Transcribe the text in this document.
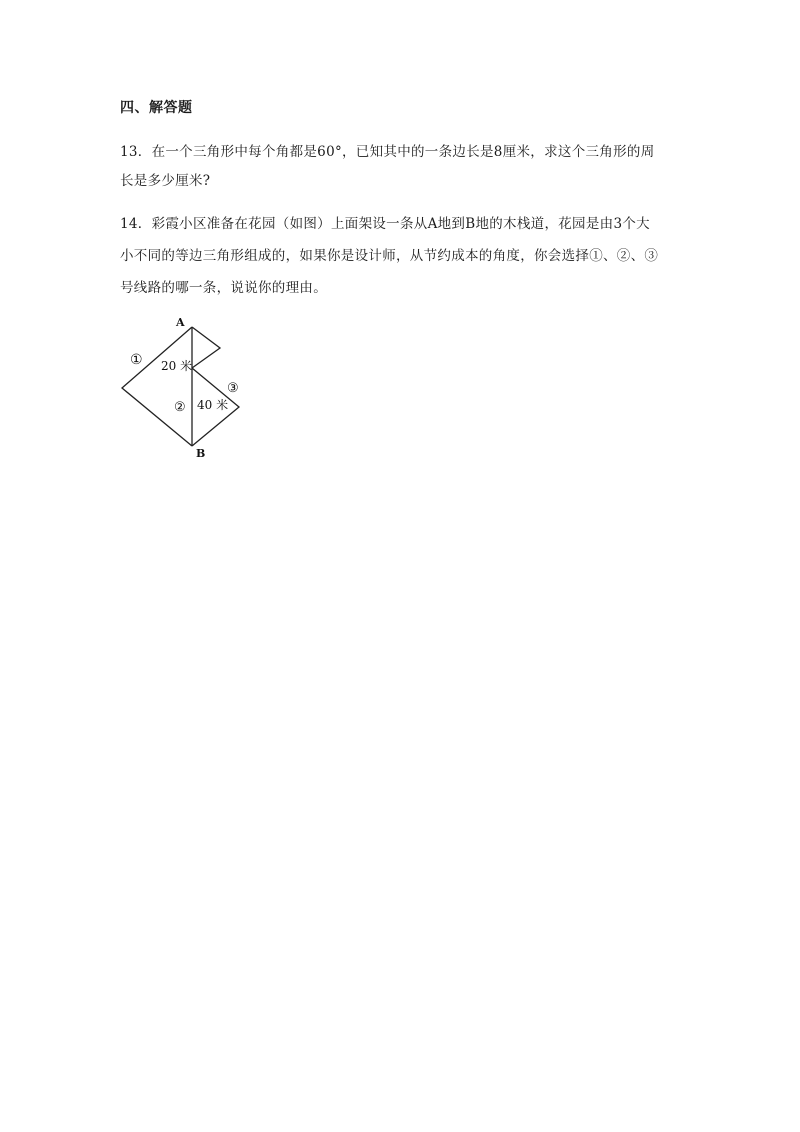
四、解答题
13．在一个三角形中每个角都是60°，已知其中的一条边长是8厘米，求这个三角形的周
长是多少厘米?
14．彩霞小区准备在花园（如图）上面架设一条从A地到B地的木栈道，花园是由3个大
小不同的等边三角形组成的，如果你是设计师，从节约成本的角度，你会选择①、②、③
号线路的哪一条，说说你的理由。
A
B
① 20 米
③
② 40 米
